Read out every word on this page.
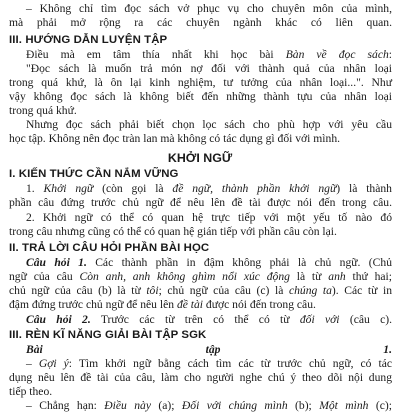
– Không chỉ tìm đọc sách vở phục vụ cho chuyên môn của mình,
mà phải mở rộng ra các chuyên ngành khác có liên quan.
III. HƯỚNG DẪN LUYỆN TẬP
Điều mà em tâm thía nhất khi học bài Bàn về đọc sách:
"Đọc sách là muốn trả món nợ đối với thành quả của nhân loại
trong quá khứ, là ôn lại kinh nghiệm, tư tưởng của nhân loại...". Như
vậy không đọc sách là không biết đến những thành tựu của nhân loại
trong quá khứ.
Nhưng đọc sách phải biết chọn lọc sách cho phù hợp với yêu cầu
học tập. Không nên đọc tràn lan mà không có tác dụng gì đối với mình.
KHỞI NGỮ
I. KIẾN THỨC CẦN NẮM VỮNG
1. Khởi ngữ (còn gọi là đề ngữ, thành phần khởi ngữ) là thành
phần câu đứng trước chủ ngữ để nêu lên đề tài được nói đến trong câu.
2. Khởi ngữ có thể có quan hệ trực tiếp với một yếu tố nào đó
trong câu nhưng cũng có thể có quan hệ gián tiếp với phần câu còn lại.
II. TRẢ LỜI CÂU HỎI PHẦN BÀI HỌC
Câu hỏi 1. Các thành phần in đậm không phải là chủ ngữ. (Chủ
ngữ của câu Còn anh, anh không ghìm nổi xúc động là từ anh thứ hai;
chủ ngữ của câu (b) là từ tôi; chủ ngữ của câu (c) là chúng ta). Các từ in
đậm đứng trước chủ ngữ để nêu lên đề tài được nói đến trong câu.
Câu hỏi 2. Trước các từ trên có thể có từ đối với (câu c).
III. RÈN KĨ NĂNG GIẢI BÀI TẬP SGK
Bài tập 1.
– Gợi ý: Tìm khởi ngữ bằng cách tìm các từ trước chủ ngữ, có tác
dụng nêu lên đề tài của câu, làm cho người nghe chú ý theo dõi nội dung
tiếp theo.
– Chẳng hạn: Điều này (a); Đối với chúng mình (b); Một mình (c);
